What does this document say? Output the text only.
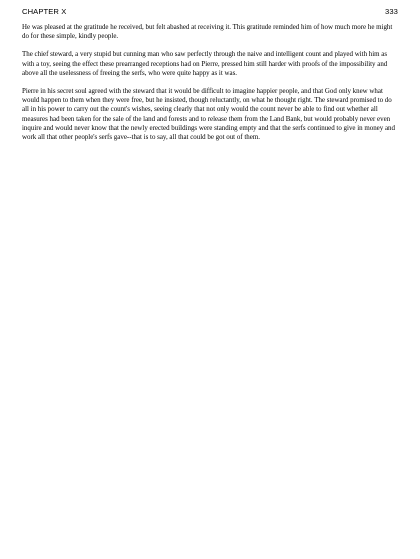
CHAPTER X	333

He was pleased at the gratitude he received, but felt abashed at receiving it. This gratitude reminded him of how much more he might do for these simple, kindly people.

The chief steward, a very stupid but cunning man who saw perfectly through the naive and intelligent count and played with him as with a toy, seeing the effect these prearranged receptions had on Pierre, pressed him still harder with proofs of the impossibility and above all the uselessness of freeing the serfs, who were quite happy as it was.

Pierre in his secret soul agreed with the steward that it would be difficult to imagine happier people, and that God only knew what would happen to them when they were free, but he insisted, though reluctantly, on what he thought right. The steward promised to do all in his power to carry out the count's wishes, seeing clearly that not only would the count never be able to find out whether all measures had been taken for the sale of the land and forests and to release them from the Land Bank, but would probably never even inquire and would never know that the newly erected buildings were standing empty and that the serfs continued to give in money and work all that other people's serfs gave--that is to say, all that could be got out of them.
